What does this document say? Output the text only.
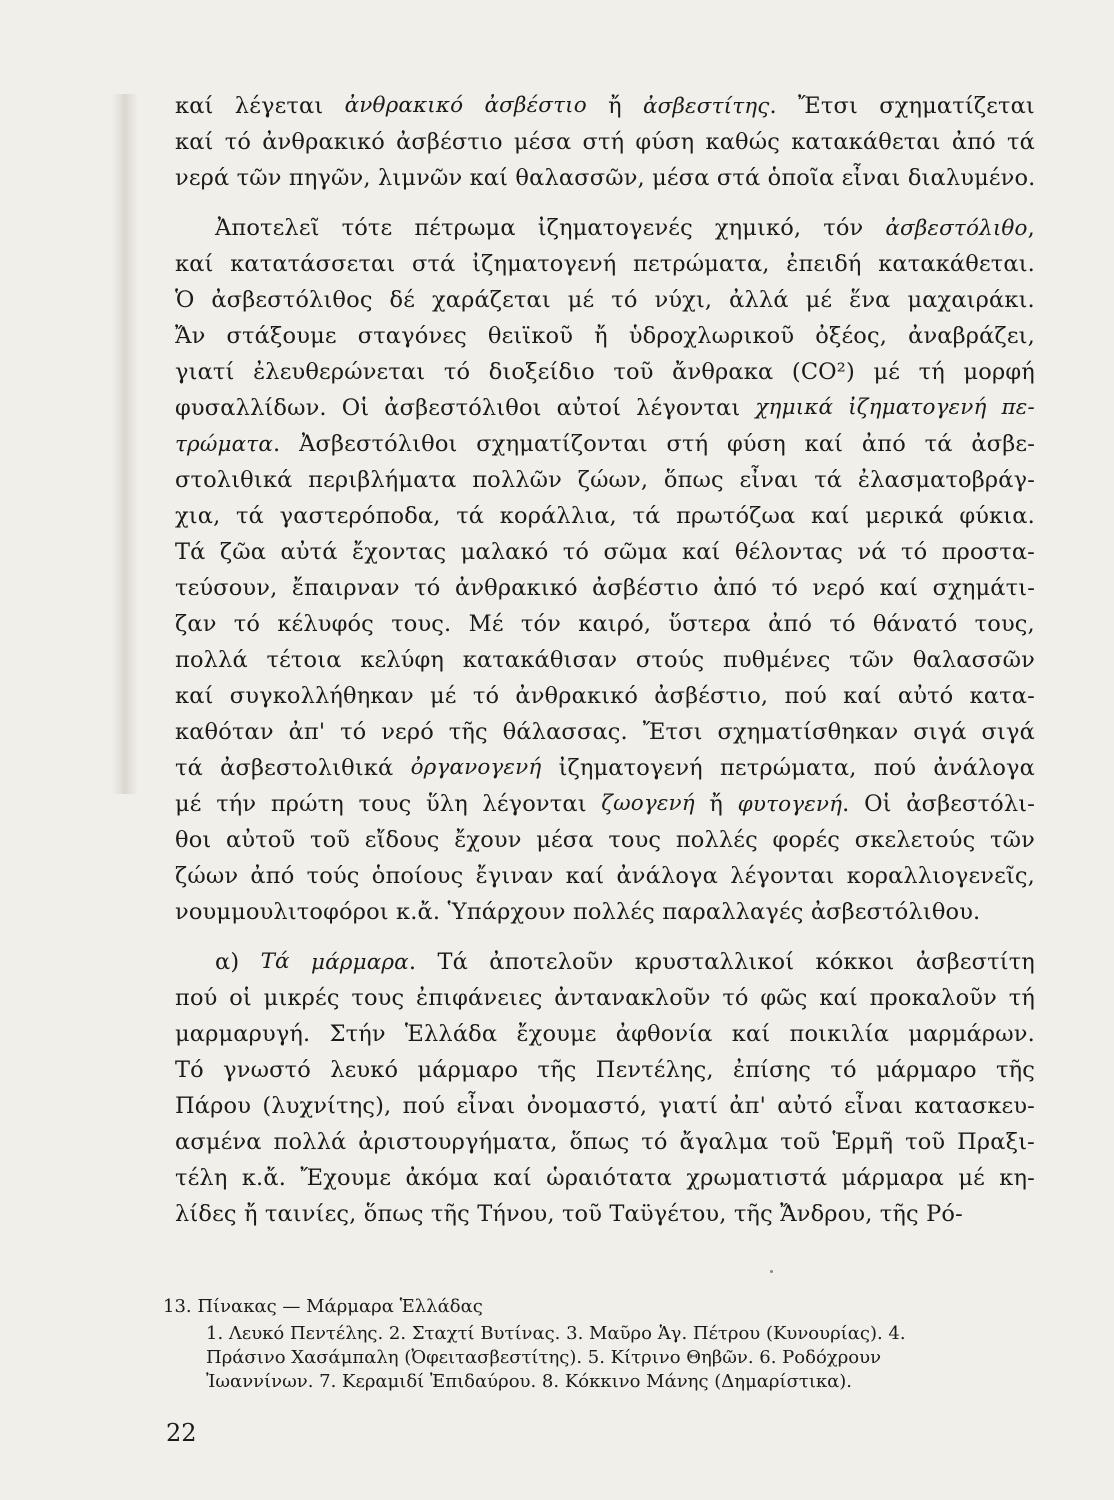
καί λέγεται ἀνθρακικό ἀσβέστιο ἤ ἀσβεστίτης. Ἔτσι σχηματίζεται
καί τό ἀνθρακικό ἀσβέστιο μέσα στή φύση καθώς κατακάθεται ἀπό τά
νερά τῶν πηγῶν, λιμνῶν καί θαλασσῶν, μέσα στά ὁποῖα εἶναι διαλυμένο.
Ἀποτελεῖ τότε πέτρωμα ἰζηματογενές χημικό, τόν ἀσβεστόλιθο,
καί κατατάσσεται στά ἰζηματογενή πετρώματα, ἐπειδή κατακάθεται.
Ὁ ἀσβεστόλιθος δέ χαράζεται μέ τό νύχι, ἀλλά μέ ἕνα μαχαιράκι.
Ἄν στάξουμε σταγόνες θειϊκοῦ ἤ ὑδροχλωρικοῦ ὀξέος, ἀναβράζει,
γιατί ἐλευθερώνεται τό διοξείδιο τοῦ ἄνθρακα (CO²) μέ τή μορφή
φυσαλλίδων. Οἱ ἀσβεστόλιθοι αὐτοί λέγονται χημικά ἰζηματογενή πε-
τρώματα. Ἀσβεστόλιθοι σχηματίζονται στή φύση καί ἀπό τά ἀσβε-
στολιθικά περιβλήματα πολλῶν ζώων, ὅπως εἶναι τά ἐλασματοβράγ-
χια, τά γαστερόποδα, τά κοράλλια, τά πρωτόζωα καί μερικά φύκια.
Τά ζῶα αὐτά ἔχοντας μαλακό τό σῶμα καί θέλοντας νά τό προστα-
τεύσουν, ἔπαιρναν τό ἀνθρακικό ἀσβέστιο ἀπό τό νερό καί σχημάτι-
ζαν τό κέλυφός τους. Μέ τόν καιρό, ὕστερα ἀπό τό θάνατό τους,
πολλά τέτοια κελύφη κατακάθισαν στούς πυθμένες τῶν θαλασσῶν
καί συγκολλήθηκαν μέ τό ἀνθρακικό ἀσβέστιο, πού καί αὐτό κατα-
καθόταν ἀπ' τό νερό τῆς θάλασσας. Ἔτσι σχηματίσθηκαν σιγά σιγά
τά ἀσβεστολιθικά ὀργανογενή ἰζηματογενή πετρώματα, πού ἀνάλογα
μέ τήν πρώτη τους ὕλη λέγονται ζωογενή ἤ φυτογενή. Οἱ ἀσβεστόλι-
θοι αὐτοῦ τοῦ εἴδους ἔχουν μέσα τους πολλές φορές σκελετούς τῶν
ζώων ἀπό τούς ὁποίους ἔγιναν καί ἀνάλογα λέγονται κοραλλιογενεῖς,
νουμμουλιτοφόροι κ.ἄ. Ὑπάρχουν πολλές παραλλαγές ἀσβεστόλιθου.
α) Τά μάρμαρα. Τά ἀποτελοῦν κρυσταλλικοί κόκκοι ἀσβεστίτη
πού οἱ μικρές τους ἐπιφάνειες ἀντανακλοῦν τό φῶς καί προκαλοῦν τή
μαρμαρυγή. Στήν Ἑλλάδα ἔχουμε ἀφθονία καί ποικιλία μαρμάρων.
Τό γνωστό λευκό μάρμαρο τῆς Πεντέλης, ἐπίσης τό μάρμαρο τῆς
Πάρου (λυχνίτης), πού εἶναι ὀνομαστό, γιατί ἀπ' αὐτό εἶναι κατασκευ-
ασμένα πολλά ἀριστουργήματα, ὅπως τό ἄγαλμα τοῦ Ἑρμῆ τοῦ Πραξι-
τέλη κ.ἄ. Ἔχουμε ἀκόμα καί ὡραιότατα χρωματιστά μάρμαρα μέ κη-
λίδες ἤ ταινίες, ὅπως τῆς Τήνου, τοῦ Ταϋγέτου, τῆς Ἄνδρου, τῆς Ρό-
13. Πίνακας — Μάρμαρα Ἑλλάδας
1. Λευκό Πεντέλης. 2. Σταχτί Βυτίνας. 3. Μαῦρο Ἁγ. Πέτρου (Κυνουρίας). 4.
Πράσινο Χασάμπαλη (Ὀφειτασβεστίτης). 5. Κίτρινο Θηβῶν. 6. Ροδόχρουν
Ἰωαννίνων. 7. Κεραμιδί Ἐπιδαύρου. 8. Κόκκινο Μάνης (Δημαρίστικα).
22
